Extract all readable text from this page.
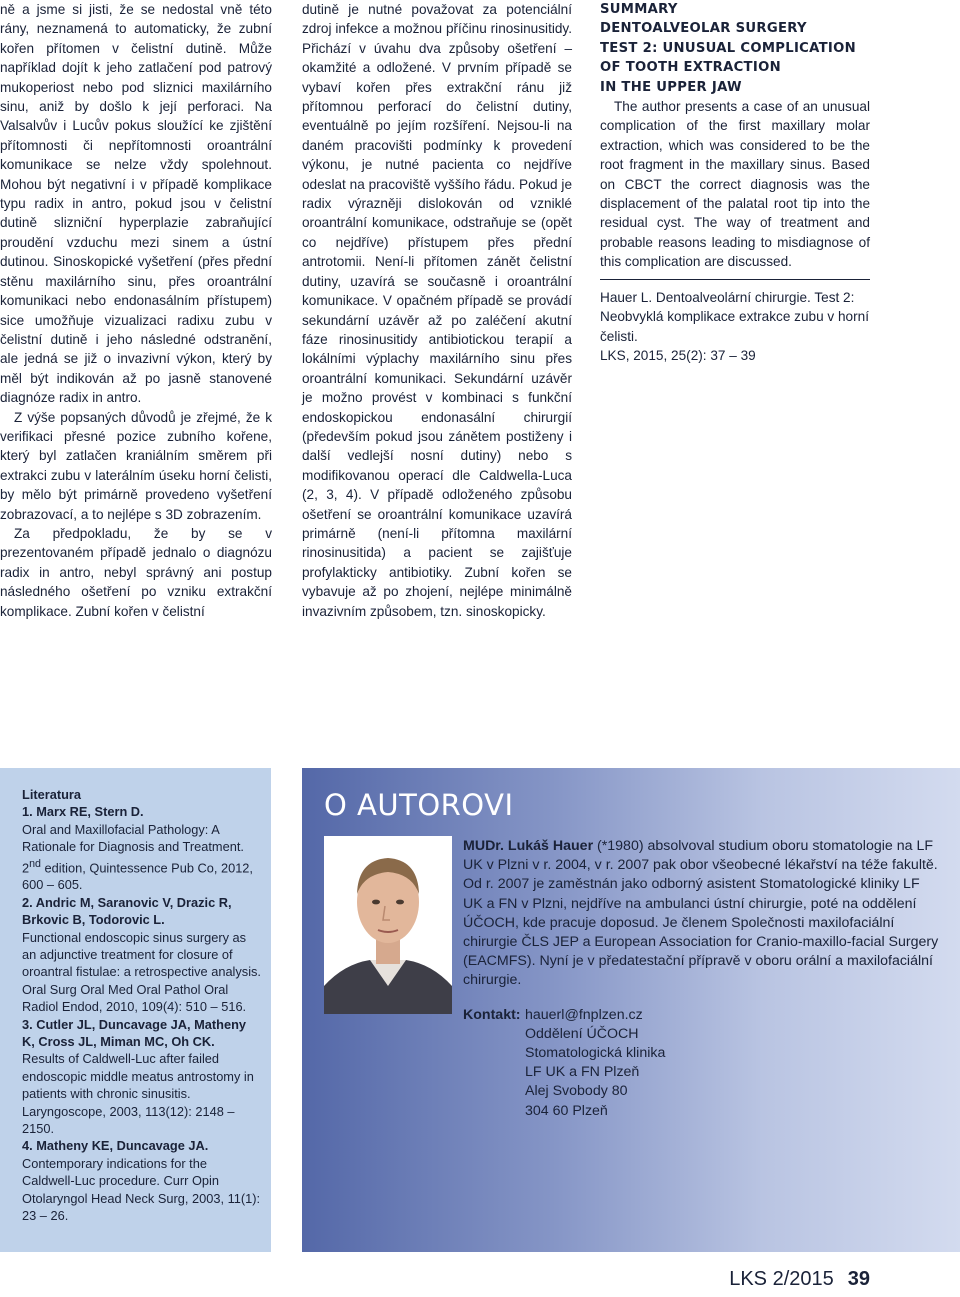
ně a jsme si jisti, že se nedostal vně této rány, neznamená to automaticky, že zubní kořen přítomen v čelistní dutině. Může například dojít k jeho zatlačení pod patrový mukoperiost nebo pod sliznici maxilárního sinu, aniž by došlo k její perforaci. Na Valsalvův i Lucův pokus sloužící ke zjištění přítomnosti či nepřítomnosti oroantrální komunikace se nelze vždy spolehnout. Mohou být negativní i v případě komplikace typu radix in antro, pokud jsou v čelistní dutině slizniční hyperplazie zabraňující proudění vzduchu mezi sinem a ústní dutinou. Sinoskopické vyšetření (přes přední stěnu maxilárního sinu, přes oroantrální komunikaci nebo endonasálním přístupem) sice umožňuje vizualizaci radixu zubu v čelistní dutině i jeho následné odstranění, ale jedná se již o invazivní výkon, který by měl být indikován až po jasně stanovené diagnóze radix in antro.

Z výše popsaných důvodů je zřejmé, že k verifikaci přesné pozice zubního kořene, který byl zatlačen kraniálním směrem při extrakci zubu v laterálním úseku horní čelisti, by mělo být primárně provedeno vyšetření zobrazovací, a to nejlépe s 3D zobrazením.

Za předpokladu, že by se v prezentovaném případě jednalo o diagnózu radix in antro, nebyl správný ani postup následného ošetření po vzniku extrakční komplikace. Zubní kořen v čelistní

dutině je nutné považovat za potenciální zdroj infekce a možnou příčinu rinosinusitidy. Přichází v úvahu dva způsoby ošetření – okamžité a odložené. V prvním případě se vybaví kořen přes extrakční ránu již přítomnou perforací do čelistní dutiny, eventuálně po jejím rozšíření. Nejsou-li na daném pracovišti podmínky k provedení výkonu, je nutné pacienta co nejdříve odeslat na pracoviště vyššího řádu. Pokud je radix výrazněji dislokován od vzniklé oroantrální komunikace, odstraňuje se (opět co nejdříve) přístupem přes přední antrotomii. Není-li přítomen zánět čelistní dutiny, uzavírá se současně i oroantrální komunikace. V opačném případě se provádí sekundární uzávěr až po zaléčení akutní fáze rinosinusitidy antibiotickou terapií a lokálními výplachy maxilárního sinu přes oroantrální komunikaci. Sekundární uzávěr je možno provést v kombinaci s funkční endoskopickou endonasální chirurgií (především pokud jsou zánětem postiženy i další vedlejší nosní dutiny) nebo s modifikovanou operací dle Caldwella-Luca (2, 3, 4). V případě odloženého způsobu ošetření se oroantrální komunikace uzavírá primárně (není-li přítomna maxilární rinosinusitida) a pacient se zajišťuje profylakticky antibiotiky. Zubní kořen se vybavuje až po zhojení, nejlépe minimálně invazivním způsobem, tzn. sinoskopicky.

SUMMARY
DENTOALVEOLAR SURGERY
TEST 2: UNUSUAL COMPLICATION
OF TOOTH EXTRACTION
IN THE UPPER JAW

The author presents a case of an unusual complication of the first maxillary molar extraction, which was considered to be the root fragment in the maxillary sinus. Based on CBCT the correct diagnosis was the displacement of the palatal root tip into the residual cyst. The way of treatment and probable reasons leading to misdiagnose of this complication are discussed.

Hauer L. Dentoalveolární chirurgie. Test 2: Neobvyklá komplikace extrakce zubu v horní čelisti.

LKS, 2015, 25(2): 37 – 39

Literatura
1. Marx RE, Stern D.
Oral and Maxillofacial Pathology: A Rationale for Diagnosis and Treatment. 2nd edition, Quintessence Pub Co, 2012, 600 – 605.
2. Andric M, Saranovic V, Drazic R, Brkovic B, Todorovic L.
Functional endoscopic sinus surgery as an adjunctive treatment for closure of oroantral fistulae: a retrospective analysis. Oral Surg Oral Med Oral Pathol Oral Radiol Endod, 2010, 109(4): 510 – 516.
3. Cutler JL, Duncavage JA, Matheny K, Cross JL, Miman MC, Oh CK.
Results of Caldwell-Luc after failed endoscopic middle meatus antrostomy in patients with chronic sinusitis. Laryngoscope, 2003, 113(12): 2148 – 2150.
4. Matheny KE, Duncavage JA.
Contemporary indications for the Caldwell-Luc procedure. Curr Opin Otolaryngol Head Neck Surg, 2003, 11(1): 23 – 26.
O AUTOROVI
MUDr. Lukáš Hauer (*1980) absolvoval studium oboru stomatologie na LF UK v Plzni v r. 2004, v r. 2007 pak obor všeobecné lékařství na téže fakultě. Od r. 2007 je zaměstnán jako odborný asistent Stomatologické kliniky LF UK a FN v Plzni, nejdříve na ambulanci ústní chirurgie, poté na oddělení ÚČOCH, kde pracuje doposud. Je členem Společnosti maxilofaciální chirurgie ČLS JEP a European Association for Cranio-maxillo-facial Surgery (EACMFS). Nyní je v předatestační přípravě v oboru orální a maxilofaciální chirurgie.
Kontakt: hauerl@fnplzen.cz
Oddělení ÚČOCH
Stomatologická klinika
LF UK a FN Plzeň
Alej Svobody 80
304 60 Plzeň
LKS 2/2015 39
